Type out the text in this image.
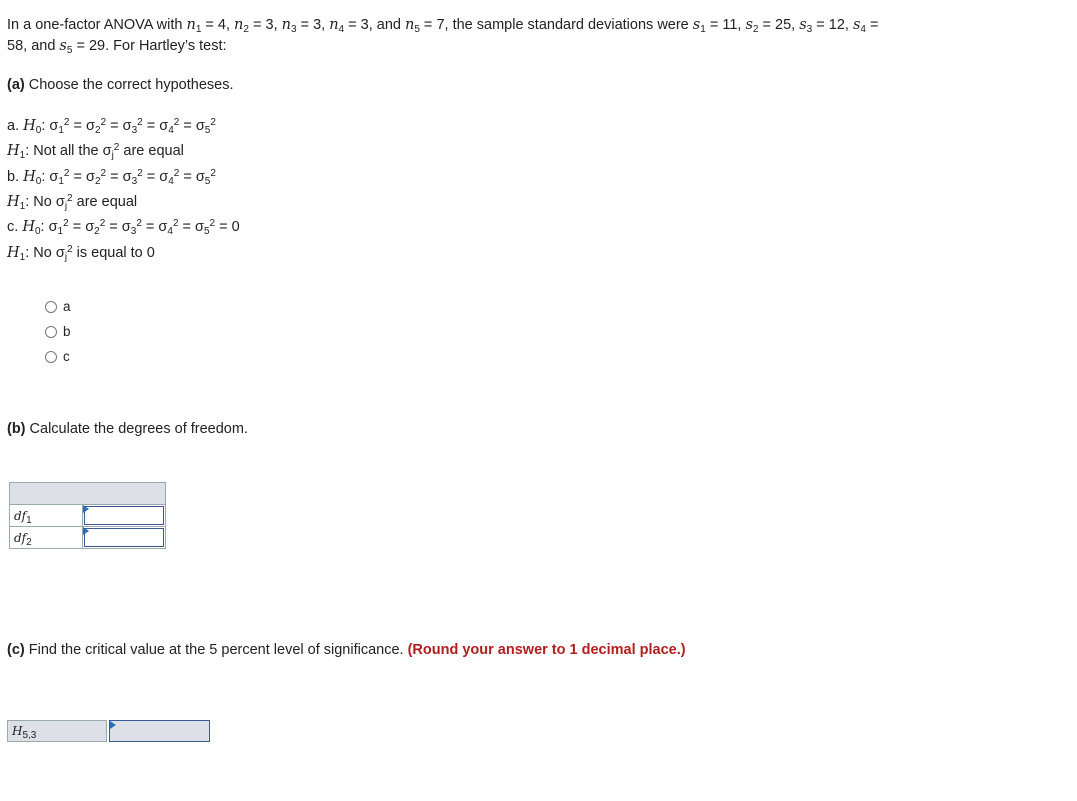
In a one-factor ANOVA with $n_1 = 4$, $n_2 = 3$, $n_3 = 3$, $n_4 = 3$, and $n_5 = 7$, the sample standard deviations were $s_1 = 11$, $s_2 = 25$, $s_3 = 12$, $s_4$ =
58, and $s_5 = 29$. For Hartley’s test:
(a) Choose the correct hypotheses.
a. $H_0$: $\sigma_1^2 = \sigma_2^2 = \sigma_3^2 = \sigma_4^2 = \sigma_5^2$
$H_1$: Not all the $\sigma_j^2$ are equal
b. $H_0$: $\sigma_1^2 = \sigma_2^2 = \sigma_3^2 = \sigma_4^2 = \sigma_5^2$
$H_1$: No $\sigma_j^2$ are equal
c. $H_0$: $\sigma_1^2 = \sigma_2^2 = \sigma_3^2 = \sigma_4^2 = \sigma_5^2 = 0$
$H_1$: No $\sigma_j^2$ is equal to 0
a
b
c
(b) Calculate the degrees of freedom.

$df_1$	

$df_2$	
(c) Find the critical value at the 5 percent level of significance. (Round your answer to 1 decimal place.)
$H_{5,3}$
